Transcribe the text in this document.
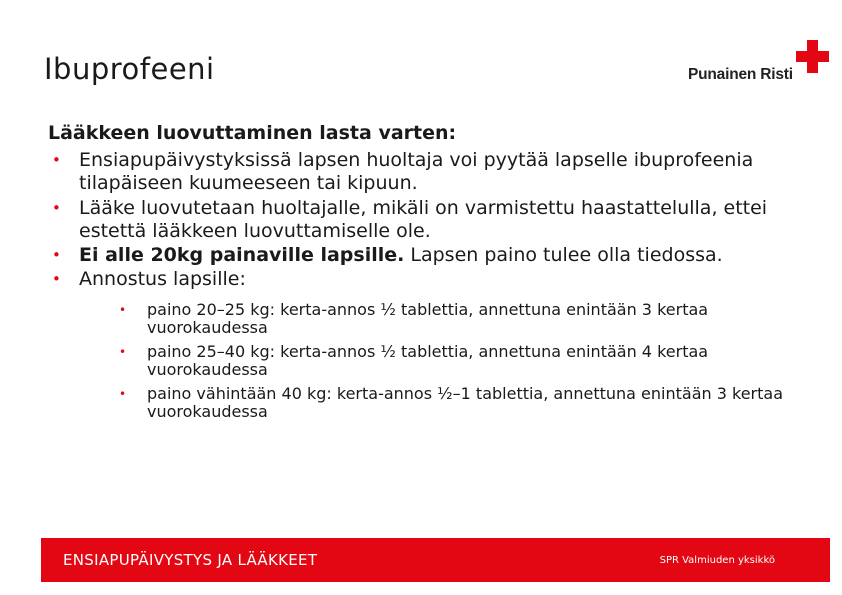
Ibuprofeeni	Punainen Risti
Lääkkeen luovuttaminen lasta varten:
• Ensiapupäivystyksissä lapsen huoltaja voi pyytää lapselle ibuprofeenia tilapäiseen kuumeeseen tai kipuun.
• Lääke luovutetaan huoltajalle, mikäli on varmistettu haastattelulla, ettei estettä lääkkeen luovuttamiselle ole.
• Ei alle 20kg painaville lapsille. Lapsen paino tulee olla tiedossa.
• Annostus lapsille:
• paino 20–25 kg: kerta-annos ½ tablettia, annettuna enintään 3 kertaa vuorokaudessa
• paino 25–40 kg: kerta-annos ½ tablettia, annettuna enintään 4 kertaa vuorokaudessa
• paino vähintään 40 kg: kerta-annos ½–1 tablettia, annettuna enintään 3 kertaa vuorokaudessa
ENSIAPUPÄIVYSTYS JA LÄÄKKEET	SPR Valmiuden yksikkö
